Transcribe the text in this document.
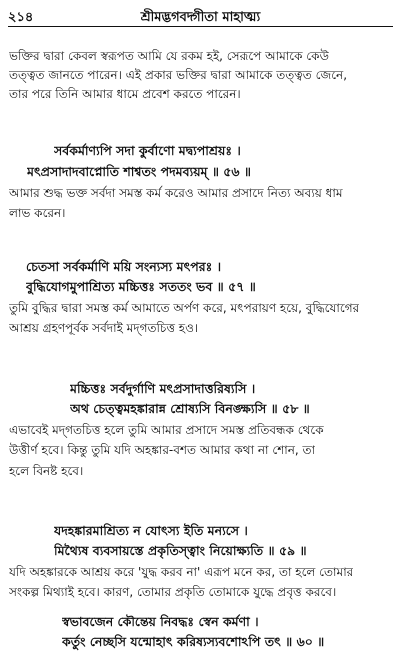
২১৪	শ্রীমদ্ভগবদ্গীতা মাহাত্ম্য
ভক্তির দ্বারা কেবল স্বরূপত আমি যে রকম হই, সেরূপে আমাকে কেউ
তত্ত্বত জানতে পারেন। এই প্রকার ভক্তির দ্বারা আমাকে তত্ত্বত জেনে,
তার পরে তিনি আমার ধামে প্রবেশ করতে পারেন।
সর্বকর্মাণ্যপি সদা কুর্বাণো মদ্ব্যপাশ্রয়ঃ ।
মৎপ্রসাদাদবাপ্নোতি শাশ্বতং পদমব্যয়ম্ ॥ ৫৬ ॥
আমার শুদ্ধ ভক্ত সর্বদা সমস্ত কর্ম করেও আমার প্রসাদে নিত্য অব্যয় ধাম
লাভ করেন।
চেতসা সর্বকর্মাণি ময়ি সংন্যস্য মৎপরঃ ।
বুদ্ধিযোগমুপাশ্রিত্য মচ্চিত্তঃ সততং ভব ॥ ৫৭ ॥
তুমি বুদ্ধির দ্বারা সমস্ত কর্ম আমাতে অর্পণ করে, মৎপরায়ণ হয়ে, বুদ্ধিযোগের
আশ্রয় গ্রহণপূর্বক সর্বদাই মদ্‌গতচিত্ত হও।
মচ্চিত্তঃ সর্বদুর্গাণি মৎপ্রসাদাত্তরিষ্যসি ।
অথ চেত্ত্বমহঙ্কারান্ন শ্রোষ্যসি বিনঙ্ক্ষ্যসি ॥ ৫৮ ॥
এভাবেই মদ্‌গতচিত্ত হলে তুমি আমার প্রসাদে সমস্ত প্রতিবন্ধক থেকে
উত্তীর্ণ হবে। কিন্তু তুমি যদি অহঙ্কার-বশত আমার কথা না শোন, তা
হলে বিনষ্ট হবে।
যদহঙ্কারমাশ্রিত্য ন যোৎস্য ইতি মন্যসে ।
মিথ্যৈষ ব্যবসায়স্তে প্রকৃতিস্ত্বাং নিয়োক্ষ্যতি ॥ ৫৯ ॥
যদি অহঙ্কারকে আশ্রয় করে 'যুদ্ধ করব না' এরূপ মনে কর, তা হলে তোমার
সংকল্প মিথ্যাই হবে। কারণ, তোমার প্রকৃতি তোমাকে যুদ্ধে প্রবৃত্ত করবে।
স্বভাবজেন কৌন্তেয় নিবদ্ধঃ স্বেন কর্মণা ।
কর্তুং নেচ্ছসি যন্মোহাৎ করিষ্যস্যবশোঽপি তৎ ॥ ৬০ ॥
